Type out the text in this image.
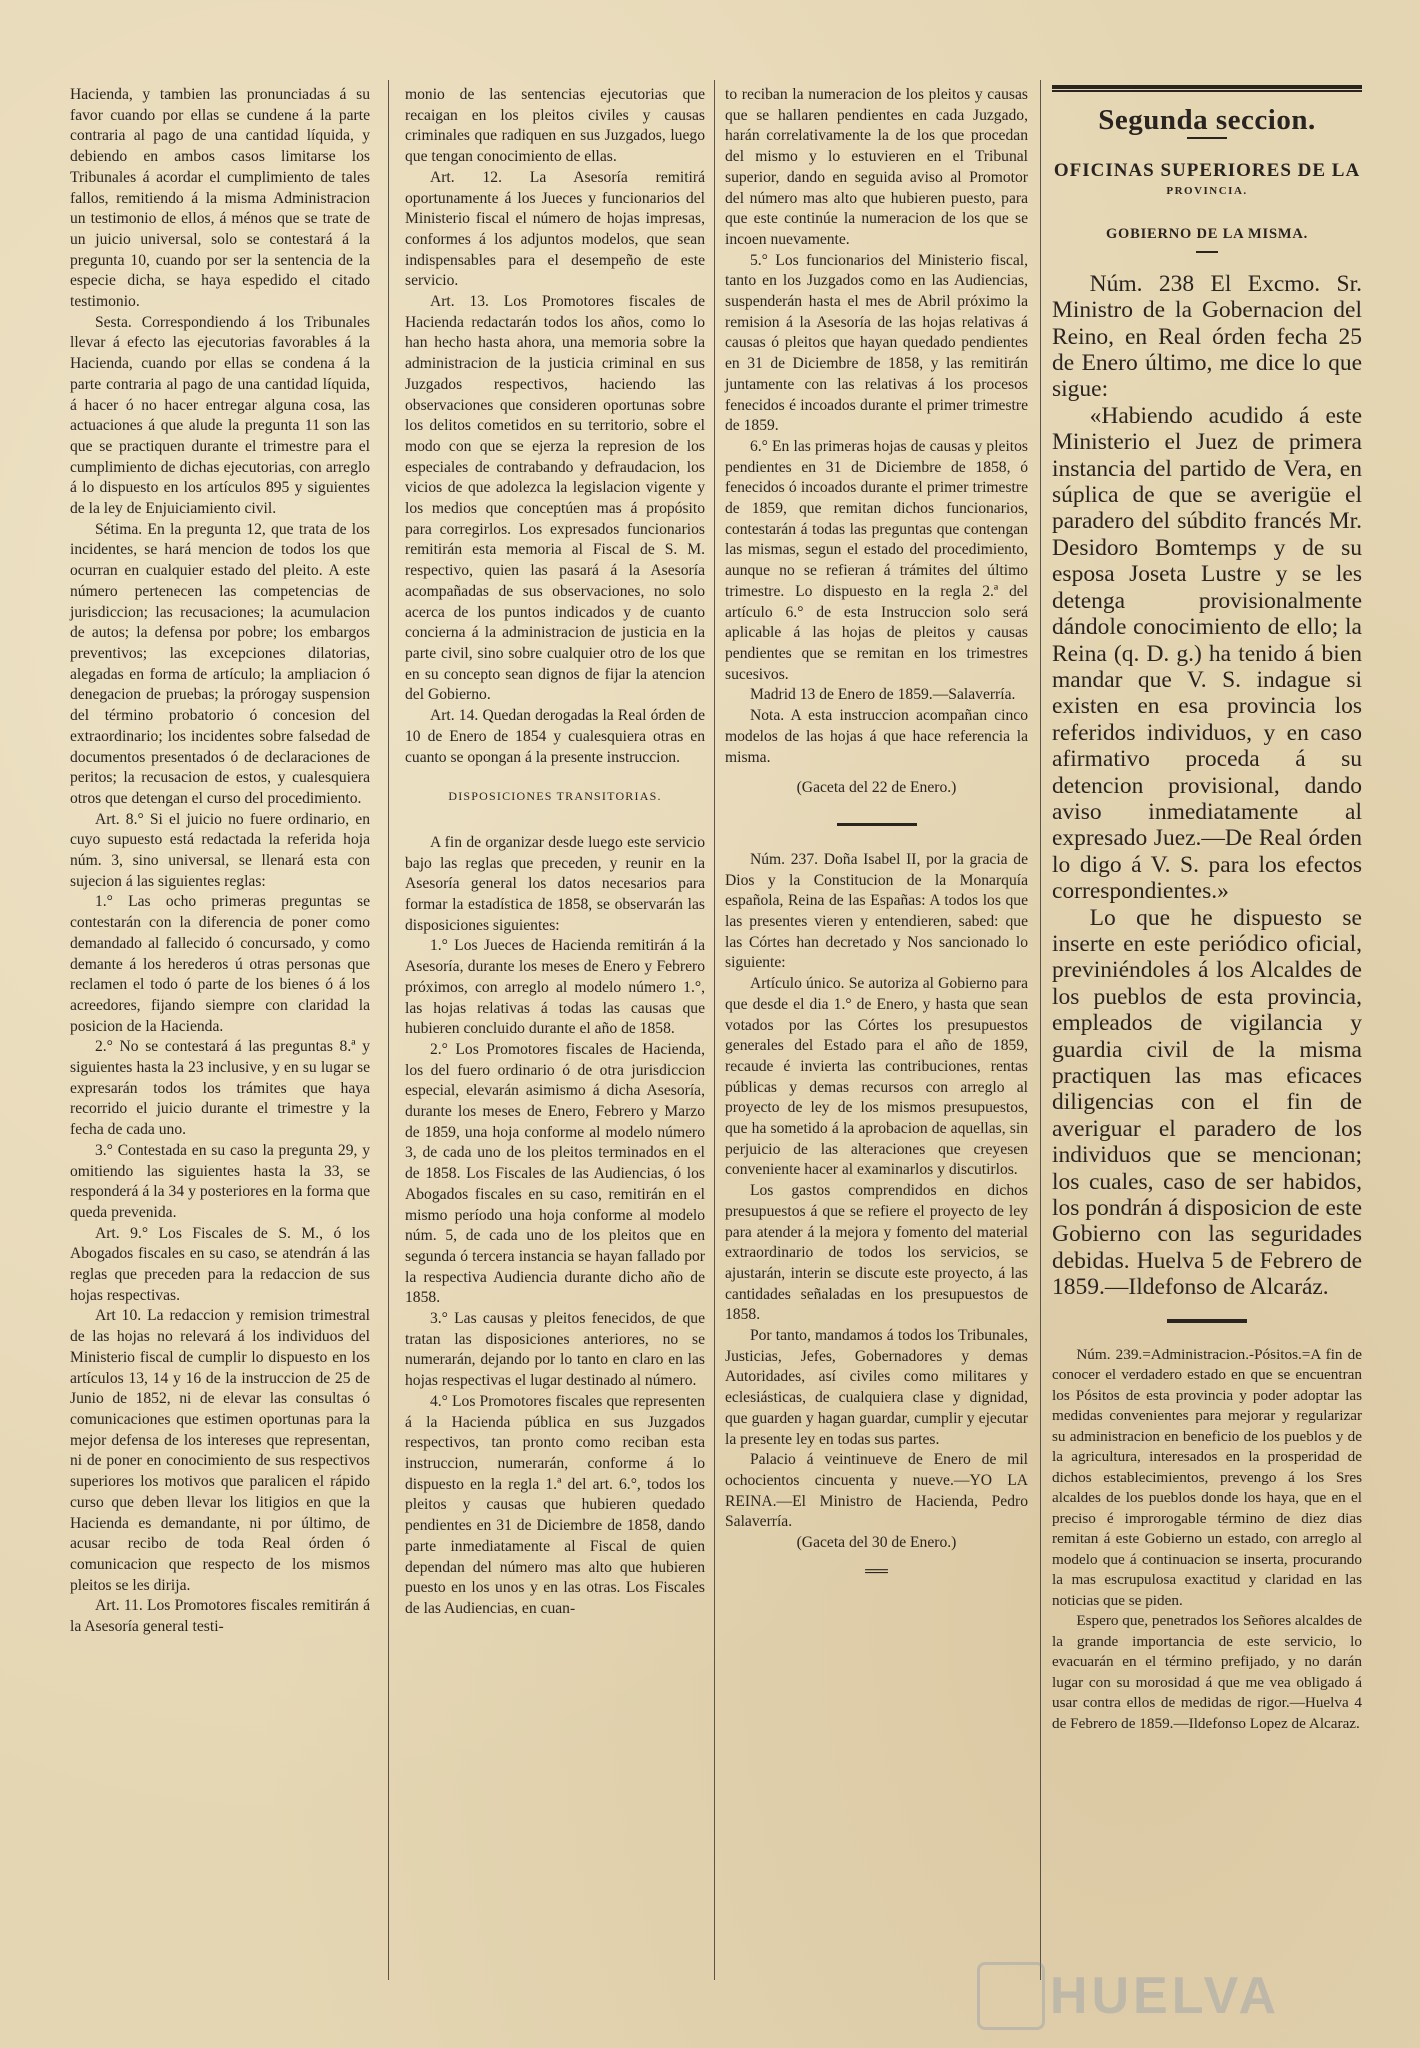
Hacienda, y tambien las pronunciadas á su favor cuando por ellas se cundene á la parte contraria al pago de una cantidad líquida, y debiendo en ambos casos limitarse los Tribunales á acordar el cumplimiento de tales fallos, remitiendo á la misma Administracion un testimonio de ellos, á ménos que se trate de un juicio universal, solo se contestará á la pregunta 10, cuando por ser la sentencia de la especie dicha, se haya espedido el citado testimonio.

Sesta. Correspondiendo á los Tribunales llevar á efecto las ejecutorias favorables á la Hacienda, cuando por ellas se condena á la parte contraria al pago de una cantidad líquida, á hacer ó no hacer entregar alguna cosa, las actuaciones á que alude la pregunta 11 son las que se practiquen durante el trimestre para el cumplimiento de dichas ejecutorias, con arreglo á lo dispuesto en los artículos 895 y siguientes de la ley de Enjuiciamiento civil.

Sétima. En la pregunta 12, que trata de los incidentes, se hará mencion de todos los que ocurran en cualquier estado del pleito. A este número pertenecen las competencias de jurisdiccion; las recusaciones; la acumulacion de autos; la defensa por pobre; los embargos preventivos; las excepciones dilatorias, alegadas en forma de artículo; la ampliacion ó denegacion de pruebas; la prórogay suspension del término probatorio ó concesion del extraordinario; los incidentes sobre falsedad de documentos presentados ó de declaraciones de peritos; la recusacion de estos, y cualesquiera otros que detengan el curso del procedimiento.

Art. 8.° Si el juicio no fuere ordinario, en cuyo supuesto está redactada la referida hoja núm. 3, sino universal, se llenará esta con sujecion á las siguientes reglas:

1.° Las ocho primeras preguntas se contestarán con la diferencia de poner como demandado al fallecido ó concursado, y como demante á los herederos ú otras personas que reclamen el todo ó parte de los bienes ó á los acreedores, fijando siempre con claridad la posicion de la Hacienda.

2.° No se contestará á las preguntas 8.ª y siguientes hasta la 23 inclusive, y en su lugar se expresarán todos los trámites que haya recorrido el juicio durante el trimestre y la fecha de cada uno.

3.° Contestada en su caso la pregunta 29, y omitiendo las siguientes hasta la 33, se responderá á la 34 y posteriores en la forma que queda prevenida.

Art. 9.° Los Fiscales de S. M., ó los Abogados fiscales en su caso, se atendrán á las reglas que preceden para la redaccion de sus hojas respectivas.

Art 10. La redaccion y remision trimestral de las hojas no relevará á los individuos del Ministerio fiscal de cumplir lo dispuesto en los artículos 13, 14 y 16 de la instruccion de 25 de Junio de 1852, ni de elevar las consultas ó comunicaciones que estimen oportunas para la mejor defensa de los intereses que representan, ni de poner en conocimiento de sus respectivos superiores los motivos que paralicen el rápido curso que deben llevar los litigios en que la Hacienda es demandante, ni por último, de acusar recibo de toda Real órden ó comunicacion que respecto de los mismos pleitos se les dirija.

Art. 11. Los Promotores fiscales remitirán á la Asesoría general testi-

monio de las sentencias ejecutorias que recaigan en los pleitos civiles y causas criminales que radiquen en sus Juzgados, luego que tengan conocimiento de ellas.

Art. 12. La Asesoría remitirá oportunamente á los Jueces y funcionarios del Ministerio fiscal el número de hojas impresas, conformes á los adjuntos modelos, que sean indispensables para el desempeño de este servicio.

Art. 13. Los Promotores fiscales de Hacienda redactarán todos los años, como lo han hecho hasta ahora, una memoria sobre la administracion de la justicia criminal en sus Juzgados respectivos, haciendo las observaciones que consideren oportunas sobre los delitos cometidos en su territorio, sobre el modo con que se ejerza la represion de los especiales de contrabando y defraudacion, los vicios de que adolezca la legislacion vigente y los medios que conceptúen mas á propósito para corregirlos. Los expresados funcionarios remitirán esta memoria al Fiscal de S. M. respectivo, quien las pasará á la Asesoría acompañadas de sus observaciones, no solo acerca de los puntos indicados y de cuanto concierna á la administracion de justicia en la parte civil, sino sobre cualquier otro de los que en su concepto sean dignos de fijar la atencion del Gobierno.

Art. 14. Quedan derogadas la Real órden de 10 de Enero de 1854 y cualesquiera otras en cuanto se opongan á la presente instruccion.

DISPOSICIONES TRANSITORIAS.

A fin de organizar desde luego este servicio bajo las reglas que preceden, y reunir en la Asesoría general los datos necesarios para formar la estadística de 1858, se observarán las disposiciones siguientes:

1.° Los Jueces de Hacienda remitirán á la Asesoría, durante los meses de Enero y Febrero próximos, con arreglo al modelo número 1.°, las hojas relativas á todas las causas que hubieren concluido durante el año de 1858.

2.° Los Promotores fiscales de Hacienda, los del fuero ordinario ó de otra jurisdiccion especial, elevarán asimismo á dicha Asesoría, durante los meses de Enero, Febrero y Marzo de 1859, una hoja conforme al modelo número 3, de cada uno de los pleitos terminados en el de 1858. Los Fiscales de las Audiencias, ó los Abogados fiscales en su caso, remitirán en el mismo período una hoja conforme al modelo núm. 5, de cada uno de los pleitos que en segunda ó tercera instancia se hayan fallado por la respectiva Audiencia durante dicho año de 1858.

3.° Las causas y pleitos fenecidos, de que tratan las disposiciones anteriores, no se numerarán, dejando por lo tanto en claro en las hojas respectivas el lugar destinado al número.

4.° Los Promotores fiscales que representen á la Hacienda pública en sus Juzgados respectivos, tan pronto como reciban esta instruccion, numerarán, conforme á lo dispuesto en la regla 1.ª del art. 6.°, todos los pleitos y causas que hubieren quedado pendientes en 31 de Diciembre de 1858, dando parte inmediatamente al Fiscal de quien dependan del número mas alto que hubieren puesto en los unos y en las otras. Los Fiscales de las Audiencias, en cuan-

to reciban la numeracion de los pleitos y causas que se hallaren pendientes en cada Juzgado, harán correlativamente la de los que procedan del mismo y lo estuvieren en el Tribunal superior, dando en seguida aviso al Promotor del número mas alto que hubieren puesto, para que este continúe la numeracion de los que se incoen nuevamente.

5.° Los funcionarios del Ministerio fiscal, tanto en los Juzgados como en las Audiencias, suspenderán hasta el mes de Abril próximo la remision á la Asesoría de las hojas relativas á causas ó pleitos que hayan quedado pendientes en 31 de Diciembre de 1858, y las remitirán juntamente con las relativas á los procesos fenecidos é incoados durante el primer trimestre de 1859.

6.° En las primeras hojas de causas y pleitos pendientes en 31 de Diciembre de 1858, ó fenecidos ó incoados durante el primer trimestre de 1859, que remitan dichos funcionarios, contestarán á todas las preguntas que contengan las mismas, segun el estado del procedimiento, aunque no se refieran á trámites del último trimestre. Lo dispuesto en la regla 2.ª del artículo 6.° de esta Instruccion solo será aplicable á las hojas de pleitos y causas pendientes que se remitan en los trimestres sucesivos.

Madrid 13 de Enero de 1859.—Salaverría.

Nota. A esta instruccion acompañan cinco modelos de las hojas á que hace referencia la misma.

(Gaceta del 22 de Enero.)

Núm. 237. Doña Isabel II, por la gracia de Dios y la Constitucion de la Monarquía española, Reina de las Españas: A todos los que las presentes vieren y entendieren, sabed: que las Córtes han decretado y Nos sancionado lo siguiente:

Artículo único. Se autoriza al Gobierno para que desde el dia 1.° de Enero, y hasta que sean votados por las Córtes los presupuestos generales del Estado para el año de 1859, recaude é invierta las contribuciones, rentas públicas y demas recursos con arreglo al proyecto de ley de los mismos presupuestos, que ha sometido á la aprobacion de aquellas, sin perjuicio de las alteraciones que creyesen conveniente hacer al examinarlos y discutirlos.

Los gastos comprendidos en dichos presupuestos á que se refiere el proyecto de ley para atender á la mejora y fomento del material extraordinario de todos los servicios, se ajustarán, interin se discute este proyecto, á las cantidades señaladas en los presupuestos de 1858.

Por tanto, mandamos á todos los Tribunales, Justicias, Jefes, Gobernadores y demas Autoridades, así civiles como militares y eclesiásticas, de cualquiera clase y dignidad, que guarden y hagan guardar, cumplir y ejecutar la presente ley en todas sus partes.

Palacio á veintinueve de Enero de mil ochocientos cincuenta y nueve.—YO LA REINA.—El Ministro de Hacienda, Pedro Salaverría.

(Gaceta del 30 de Enero.)

══
Segunda seccion.
OFICINAS SUPERIORES DE LA
PROVINCIA.
GOBIERNO DE LA MISMA.

Núm. 238 El Excmo. Sr. Ministro de la Gobernacion del Reino, en Real órden fecha 25 de Enero último, me dice lo que sigue:

«Habiendo acudido á este Ministerio el Juez de primera instancia del partido de Vera, en súplica de que se averigüe el paradero del súbdito francés Mr. Desidoro Bomtemps y de su esposa Joseta Lustre y se les detenga provisionalmente dándole conocimiento de ello; la Reina (q. D. g.) ha tenido á bien mandar que V. S. indague si existen en esa provincia los referidos individuos, y en caso afirmativo proceda á su detencion provisional, dando aviso inmediatamente al expresado Juez.—De Real órden lo digo á V. S. para los efectos correspondientes.»

Lo que he dispuesto se inserte en este periódico oficial, previniéndoles á los Alcaldes de los pueblos de esta provincia, empleados de vigilancia y guardia civil de la misma practiquen las mas eficaces diligencias con el fin de averiguar el paradero de los individuos que se mencionan; los cuales, caso de ser habidos, los pondrán á disposicion de este Gobierno con las seguridades debidas. Huelva 5 de Febrero de 1859.—Ildefonso de Alcaráz.

Núm. 239.=Administracion.-Pósitos.=A fin de conocer el verdadero estado en que se encuentran los Pósitos de esta provincia y poder adoptar las medidas convenientes para mejorar y regularizar su administracion en beneficio de los pueblos y de la agricultura, interesados en la prosperidad de dichos establecimientos, prevengo á los Sres alcaldes de los pueblos donde los haya, que en el preciso é improrogable término de diez dias remitan á este Gobierno un estado, con arreglo al modelo que á continuacion se inserta, procurando la mas escrupulosa exactitud y claridad en las noticias que se piden.

Espero que, penetrados los Señores alcaldes de la grande importancia de este servicio, lo evacuarán en el término prefijado, y no darán lugar con su morosidad á que me vea obligado á usar contra ellos de medidas de rigor.—Huelva 4 de Febrero de 1859.—Ildefonso Lopez de Alcaraz.

HUELVA
